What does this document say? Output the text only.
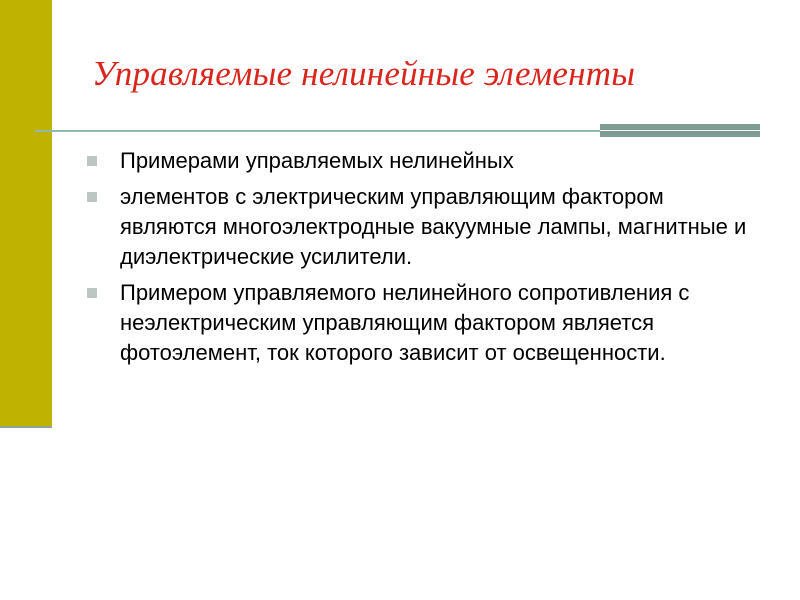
Управляемые нелинейные элементы
Примерами управляемых нелинейных
элементов с электрическим управляющим фактором являются многоэлектродные вакуумные лампы, магнитные и диэлектрические усилители.
Примером управляемого нелинейного сопротивления с неэлектрическим управляющим фактором является фотоэлемент, ток которого зависит от освещенности.
